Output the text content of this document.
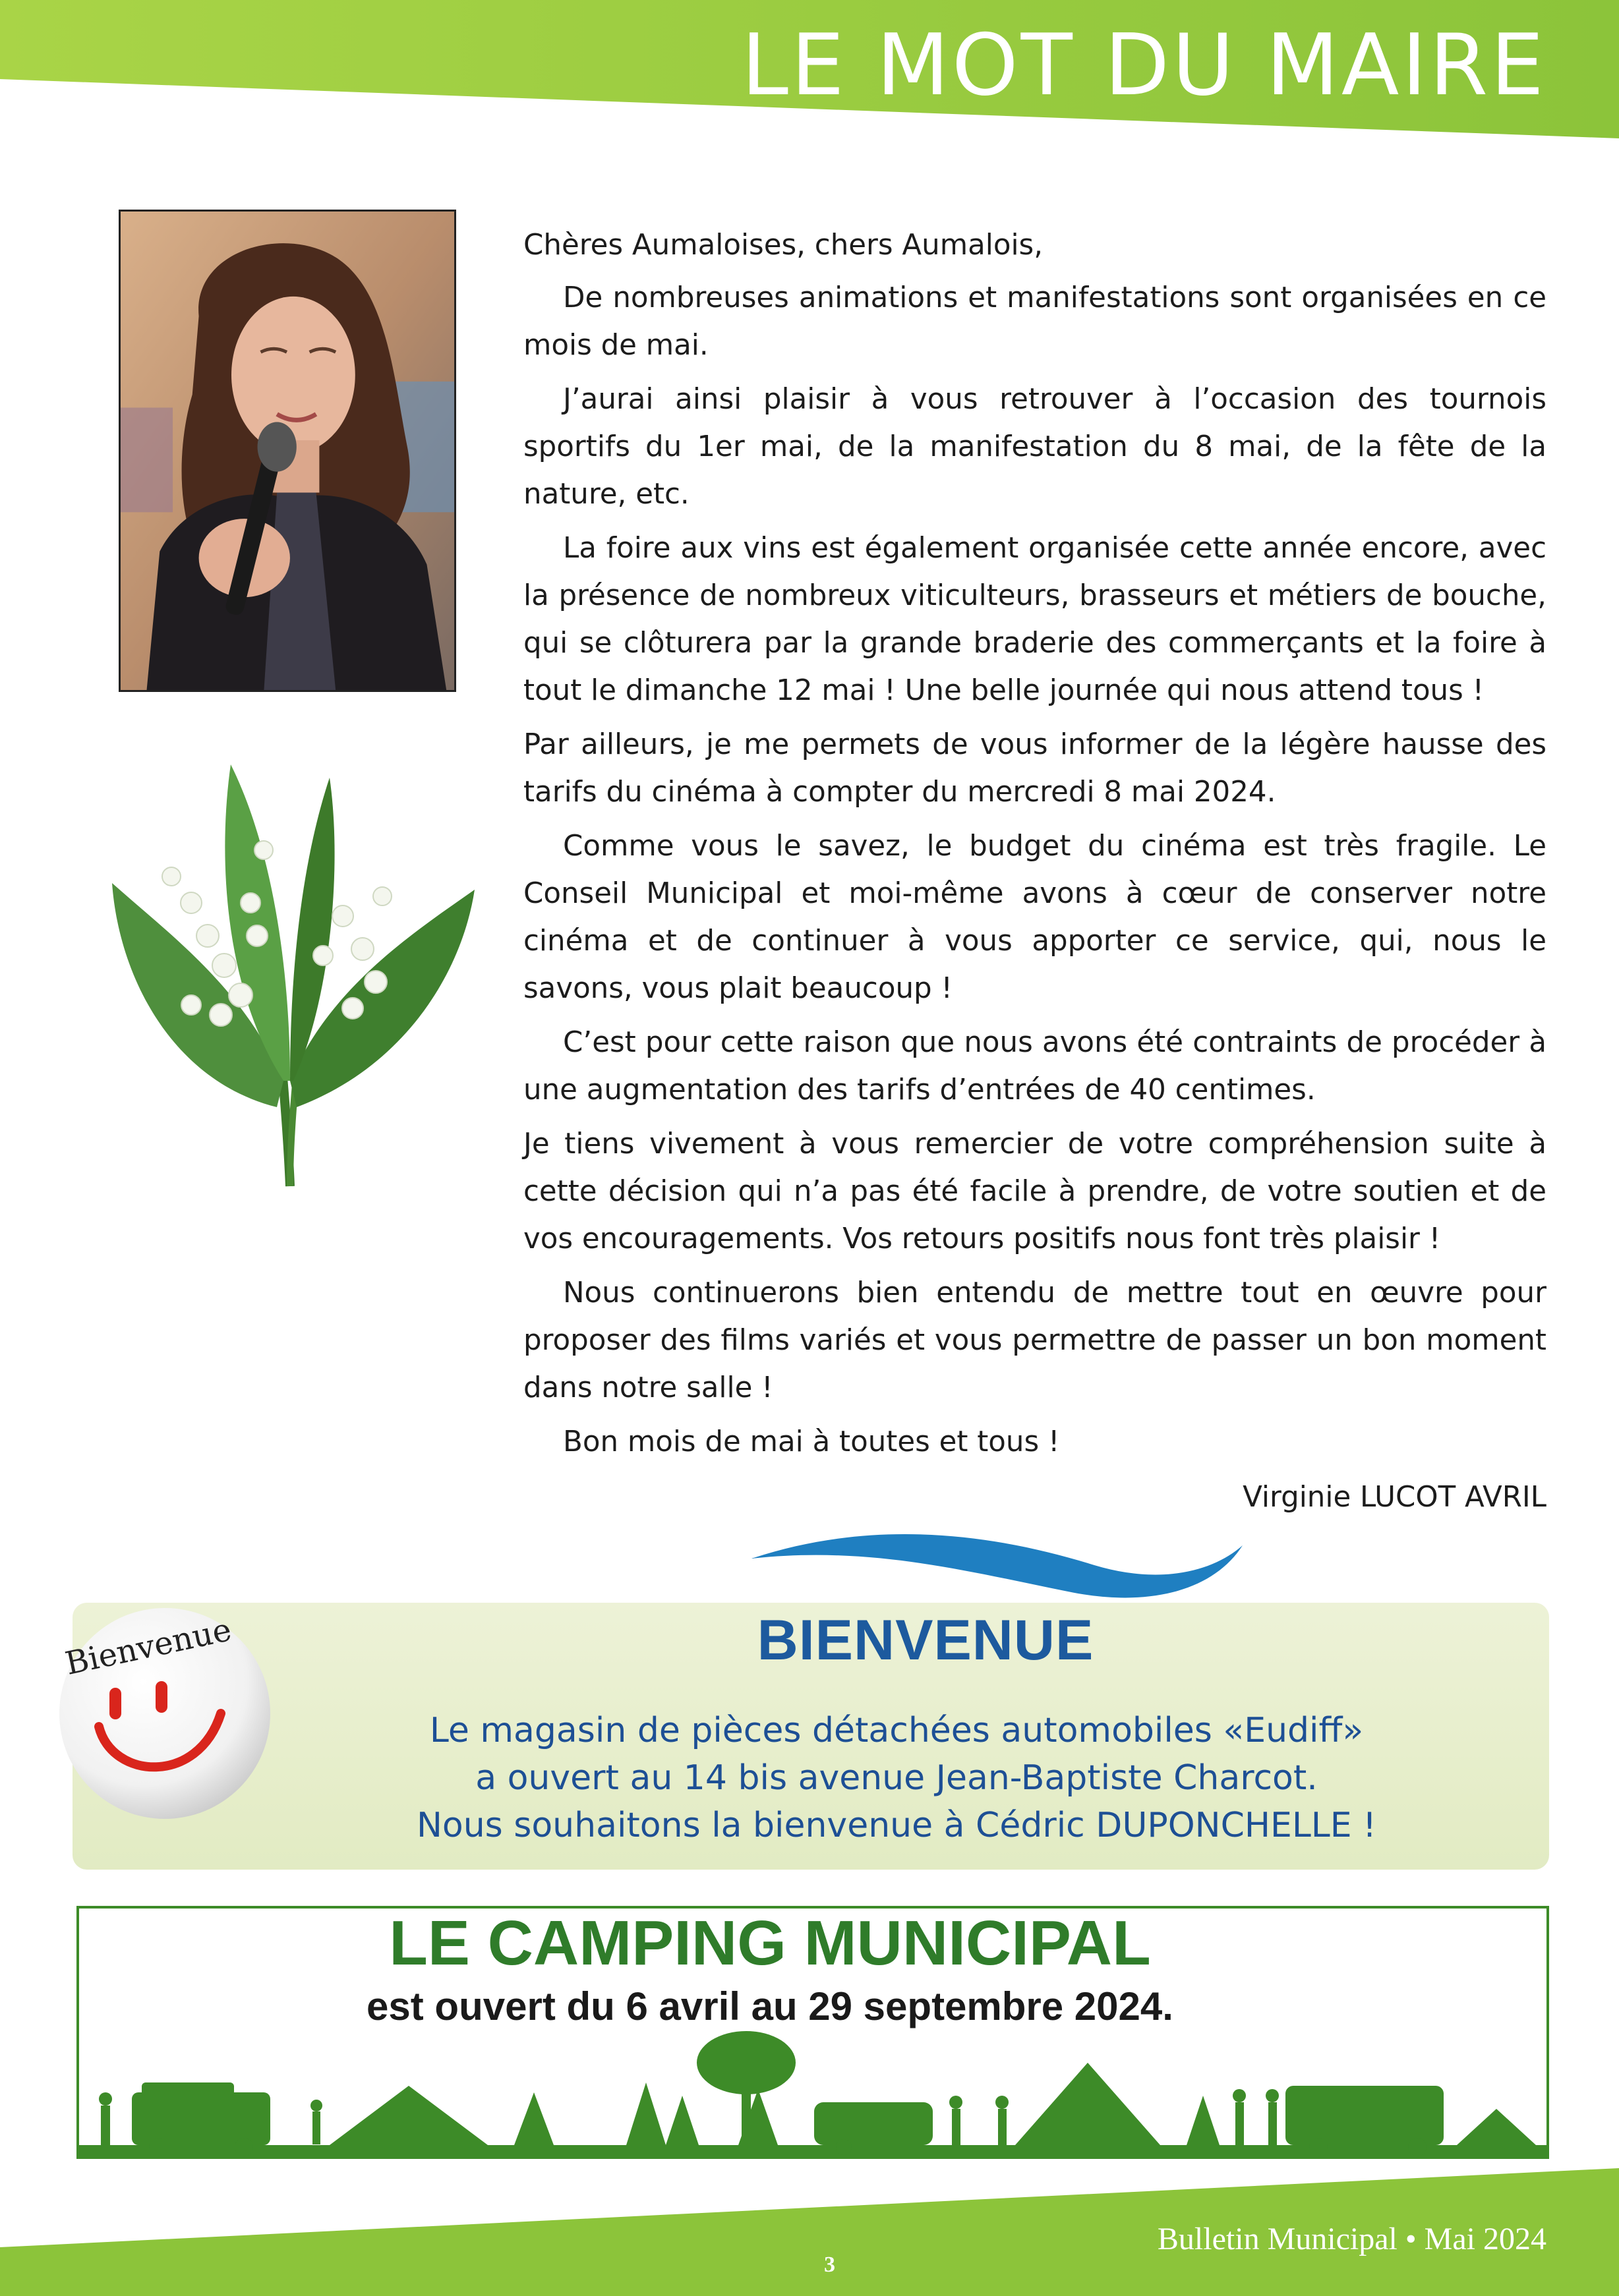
LE MOT DU MAIRE

Chères Aumaloises, chers Aumalois,

De nombreuses animations et manifestations sont organisées en ce mois de mai.

J’aurai ainsi plaisir à vous retrouver à l’occasion des tournois sportifs du 1er mai, de la manifestation du 8 mai, de la fête de la nature, etc.

La foire aux vins est également organisée cette année encore, avec la présence de nombreux viticulteurs, brasseurs et métiers de bouche, qui se clôturera par la grande braderie des commerçants et la foire à tout le dimanche 12 mai ! Une belle journée qui nous attend tous !

Par ailleurs, je me permets de vous informer de la légère hausse des tarifs du cinéma à compter du mercredi 8 mai 2024.

Comme vous le savez, le budget du cinéma est très fragile. Le Conseil Municipal et moi-même avons à cœur de conserver notre cinéma et de continuer à vous apporter ce service, qui, nous le savons, vous plait beaucoup !

C’est pour cette raison que nous avons été contraints de procéder à une augmentation des tarifs d’entrées de 40 centimes.

Je tiens vivement à vous remercier de votre compréhension suite à cette décision qui n’a pas été facile à prendre, de votre soutien et de vos encouragements. Vos retours positifs nous font très plaisir !

Nous continuerons bien entendu de mettre tout en œuvre pour proposer des films variés et vous permettre de passer un bon moment dans notre salle !

Bon mois de mai à toutes et tous !

Virginie LUCOT AVRIL

Bienvenue	BIENVENUE
Le magasin de pièces détachées automobiles «Eudiff»
a ouvert au 14 bis avenue Jean-Baptiste Charcot.
Nous souhaitons la bienvenue à Cédric DUPONCHELLE !
LE CAMPING MUNICIPAL
est ouvert du 6 avril au 29 septembre 2024.
3
Bulletin Municipal • Mai 2024
